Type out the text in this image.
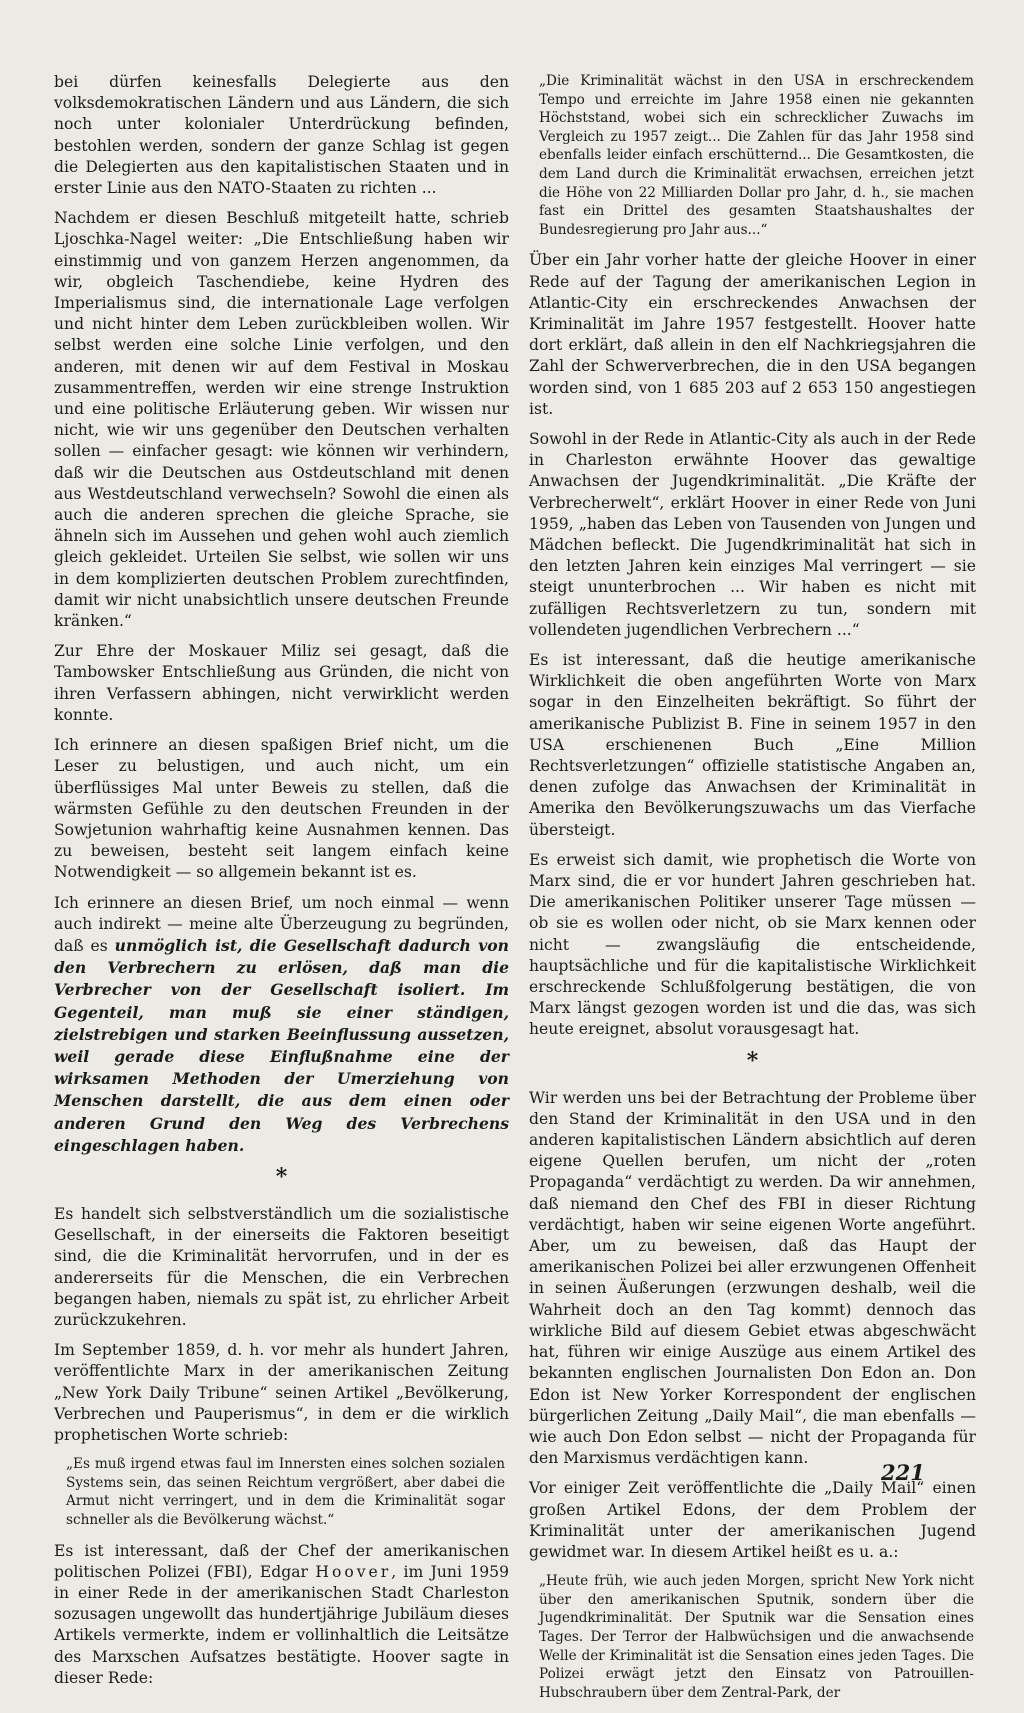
bei dürfen keinesfalls Delegierte aus den volksdemokratischen Ländern und aus Ländern, die sich noch unter kolonialer Unterdrückung befinden, bestohlen werden, sondern der ganze Schlag ist gegen die Delegierten aus den kapitalistischen Staaten und in erster Linie aus den NATO-Staaten zu richten ...

Nachdem er diesen Beschluß mitgeteilt hatte, schrieb Ljoschka-Nagel weiter: „Die Entschließung haben wir einstimmig und von ganzem Herzen angenommen, da wir, obgleich Taschendiebe, keine Hydren des Imperialismus sind, die internationale Lage verfolgen und nicht hinter dem Leben zurückbleiben wollen. Wir selbst werden eine solche Linie verfolgen, und den anderen, mit denen wir auf dem Festival in Moskau zusammentreffen, werden wir eine strenge Instruktion und eine politische Erläuterung geben. Wir wissen nur nicht, wie wir uns gegenüber den Deutschen verhalten sollen — einfacher gesagt: wie können wir verhindern, daß wir die Deutschen aus Ostdeutschland mit denen aus Westdeutschland verwechseln? Sowohl die einen als auch die anderen sprechen die gleiche Sprache, sie ähneln sich im Aussehen und gehen wohl auch ziemlich gleich gekleidet. Urteilen Sie selbst, wie sollen wir uns in dem komplizierten deutschen Problem zurechtfinden, damit wir nicht unabsichtlich unsere deutschen Freunde kränken.“

Zur Ehre der Moskauer Miliz sei gesagt, daß die Tambowsker Entschließung aus Gründen, die nicht von ihren Verfassern abhingen, nicht verwirklicht werden konnte.

Ich erinnere an diesen spaßigen Brief nicht, um die Leser zu belustigen, und auch nicht, um ein überflüssiges Mal unter Beweis zu stellen, daß die wärmsten Gefühle zu den deutschen Freunden in der Sowjetunion wahrhaftig keine Ausnahmen kennen. Das zu beweisen, besteht seit langem einfach keine Notwendigkeit — so allgemein bekannt ist es.

Ich erinnere an diesen Brief, um noch einmal — wenn auch indirekt — meine alte Überzeugung zu begründen, daß es unmöglich ist, die Gesellschaft dadurch von den Verbrechern zu erlösen, daß man die Verbrecher von der Gesellschaft isoliert. Im Gegenteil, man muß sie einer ständigen, zielstrebigen und starken Beeinflussung aussetzen, weil gerade diese Einflußnahme eine der wirksamen Methoden der Umerziehung von Menschen darstellt, die aus dem einen oder anderen Grund den Weg des Verbrechens eingeschlagen haben.

*

Es handelt sich selbstverständlich um die sozialistische Gesellschaft, in der einerseits die Faktoren beseitigt sind, die die Kriminalität hervorrufen, und in der es andererseits für die Menschen, die ein Verbrechen begangen haben, niemals zu spät ist, zu ehrlicher Arbeit zurückzukehren.

Im September 1859, d. h. vor mehr als hundert Jahren, veröffentlichte Marx in der amerikanischen Zeitung „New York Daily Tribune“ seinen Artikel „Bevölkerung, Verbrechen und Pauperismus“, in dem er die wirklich prophetischen Worte schrieb:

„Es muß irgend etwas faul im Innersten eines solchen sozialen Systems sein, das seinen Reichtum vergrößert, aber dabei die Armut nicht verringert, und in dem die Kriminalität sogar schneller als die Bevölkerung wächst.“

Es ist interessant, daß der Chef der amerikanischen politischen Polizei (FBI), Edgar Hoover, im Juni 1959 in einer Rede in der amerikanischen Stadt Charleston sozusagen ungewollt das hundertjährige Jubiläum dieses Artikels vermerkte, indem er vollinhaltlich die Leitsätze des Marxschen Aufsatzes bestätigte. Hoover sagte in dieser Rede:

„Die Kriminalität wächst in den USA in erschreckendem Tempo und erreichte im Jahre 1958 einen nie gekannten Höchststand, wobei sich ein schrecklicher Zuwachs im Vergleich zu 1957 zeigt... Die Zahlen für das Jahr 1958 sind ebenfalls leider einfach erschütternd... Die Gesamtkosten, die dem Land durch die Kriminalität erwachsen, erreichen jetzt die Höhe von 22 Milliarden Dollar pro Jahr, d. h., sie machen fast ein Drittel des gesamten Staatshaushaltes der Bundesregierung pro Jahr aus...“

Über ein Jahr vorher hatte der gleiche Hoover in einer Rede auf der Tagung der amerikanischen Legion in Atlantic-City ein erschreckendes Anwachsen der Kriminalität im Jahre 1957 festgestellt. Hoover hatte dort erklärt, daß allein in den elf Nachkriegsjahren die Zahl der Schwerverbrechen, die in den USA begangen worden sind, von 1 685 203 auf 2 653 150 angestiegen ist.

Sowohl in der Rede in Atlantic-City als auch in der Rede in Charleston erwähnte Hoover das gewaltige Anwachsen der Jugendkriminalität. „Die Kräfte der Verbrecherwelt“, erklärt Hoover in einer Rede von Juni 1959, „haben das Leben von Tausenden von Jungen und Mädchen befleckt. Die Jugendkriminalität hat sich in den letzten Jahren kein einziges Mal verringert — sie steigt ununterbrochen ... Wir haben es nicht mit zufälligen Rechtsverletzern zu tun, sondern mit vollendeten jugendlichen Verbrechern ...“

Es ist interessant, daß die heutige amerikanische Wirklichkeit die oben angeführten Worte von Marx sogar in den Einzelheiten bekräftigt. So führt der amerikanische Publizist B. Fine in seinem 1957 in den USA erschienenen Buch „Eine Million Rechtsverletzungen“ offizielle statistische Angaben an, denen zufolge das Anwachsen der Kriminalität in Amerika den Bevölkerungszuwachs um das Vierfache übersteigt.

Es erweist sich damit, wie prophetisch die Worte von Marx sind, die er vor hundert Jahren geschrieben hat. Die amerikanischen Politiker unserer Tage müssen — ob sie es wollen oder nicht, ob sie Marx kennen oder nicht — zwangsläufig die entscheidende, hauptsächliche und für die kapitalistische Wirklichkeit erschreckende Schlußfolgerung bestätigen, die von Marx längst gezogen worden ist und die das, was sich heute ereignet, absolut vorausgesagt hat.

*

Wir werden uns bei der Betrachtung der Probleme über den Stand der Kriminalität in den USA und in den anderen kapitalistischen Ländern absichtlich auf deren eigene Quellen berufen, um nicht der „roten Propaganda“ verdächtigt zu werden. Da wir annehmen, daß niemand den Chef des FBI in dieser Richtung verdächtigt, haben wir seine eigenen Worte angeführt. Aber, um zu beweisen, daß das Haupt der amerikanischen Polizei bei aller erzwungenen Offenheit in seinen Äußerungen (erzwungen deshalb, weil die Wahrheit doch an den Tag kommt) dennoch das wirkliche Bild auf diesem Gebiet etwas abgeschwächt hat, führen wir einige Auszüge aus einem Artikel des bekannten englischen Journalisten Don Edon an. Don Edon ist New Yorker Korrespondent der englischen bürgerlichen Zeitung „Daily Mail“, die man ebenfalls — wie auch Don Edon selbst — nicht der Propaganda für den Marxismus verdächtigen kann.

Vor einiger Zeit veröffentlichte die „Daily Mail“ einen großen Artikel Edons, der dem Problem der Kriminalität unter der amerikanischen Jugend gewidmet war. In diesem Artikel heißt es u. a.:

„Heute früh, wie auch jeden Morgen, spricht New York nicht über den amerikanischen Sputnik, sondern über die Jugendkriminalität. Der Sputnik war die Sensation eines Tages. Der Terror der Halbwüchsigen und die anwachsende Welle der Kriminalität ist die Sensation eines jeden Tages. Die Polizei erwägt jetzt den Einsatz von Patrouillen-Hubschraubern über dem Zentral-Park, der
221
